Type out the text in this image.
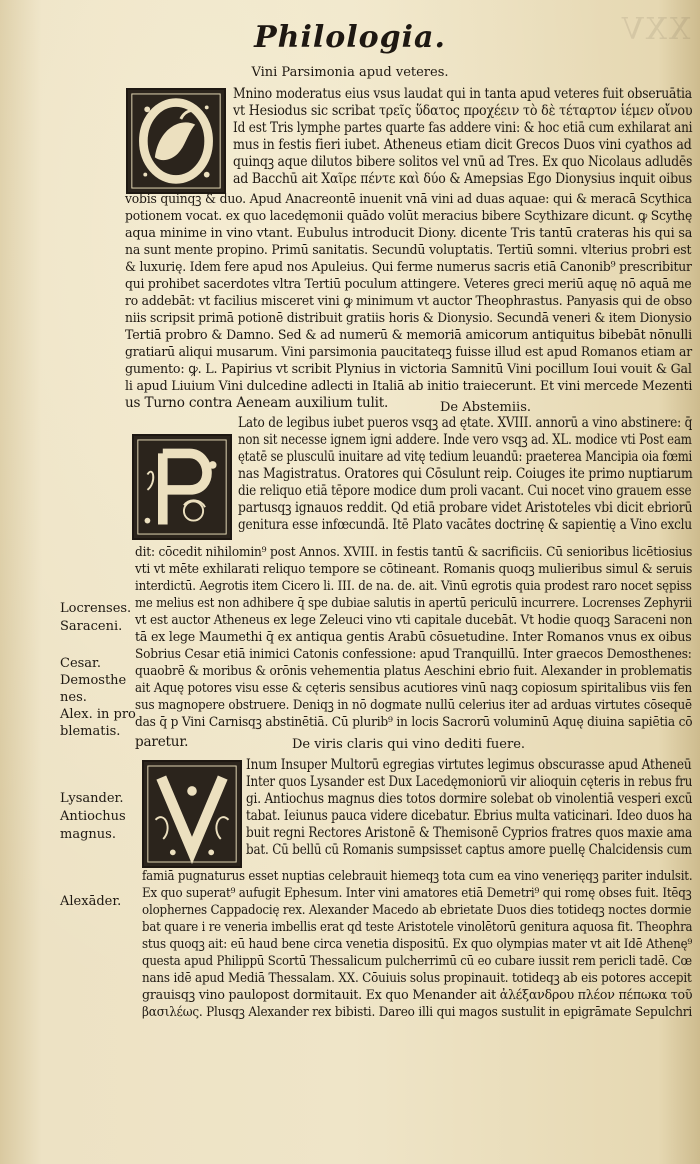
XXV
Philologia.
Vini Parsimonia apud veteres.
Mnino moderatus eius vsus laudat qui in tanta apud veteres fuit obseruātia
vt Hesiodus sic scribat τρεῖς ὕδατος προχέειν τὸ δὲ τέταρτον ἱέμεν οἴνου
Id est Tris lymphe partes quarte fas addere vini: & hoc etiā cum exhilarat ani
mus in festis fieri iubet. Atheneus etiam dicit Grecos Duos vini cyathos ad
quinqꝫ aque dilutos bibere solitos vel vnū ad Tres. Ex quo Nicolaus adludēs
ad Bacchū ait Χαῖρε πέντε καὶ δύο & Amepsias Ego Dionysius inquit oibus
vobis quinqꝫ & duo. Apud Anacreontē inuenit vnā vini ad duas aquae: qui & meracā Scythica
potionem vocat. ex quo lacedęmonii quādo volūt meracius bibere Scythizare dicunt. ꝙ Scythę
aqua minime in vino vtant. Eubulus introducit Diony. dicente Tris tantū crateras his qui sa
na sunt mente propino. Primū sanitatis. Secundū voluptatis. Tertiū somni. vlterius probri est
& luxurię. Idem fere apud nos Apuleius. Qui ferme numerus sacris etiā Canonib⁹ prescribitur
qui prohibet sacerdotes vltra Tertiū poculum attingere. Veteres greci meriū aquę nō aquā me
ro addebāt: vt facilius misceret vini ꝙ minimum vt auctor Theophrastus. Panyasis qui de obso
niis scripsit primā potionē distribuit gratiis horis & Dionysio. Secundā veneri & item Dionysio
Tertiā probro & Damno. Sed & ad numerū & memoriā amicorum antiquitus bibebāt nōnulli
gratiarū aliqui musarum. Vini parsimonia paucitateqꝫ fuisse illud est apud Romanos etiam ar
gumento: ꝙ. L. Papirius vt scribit Plynius in victoria Samnitū Vini pocillum Ioui vouit & Gal
li apud Liuium Vini dulcedine adlecti in Italiā ab initio traiecerunt. Et vini mercede Mezenti
us Turno contra Aeneam auxilium tulit.	De Abstemiis.
Lato de legibus iubet pueros vsqꝫ ad ętate. XVIII. annorū a vino abstinere: q̄
non sit necesse ignem igni addere. Inde vero vsqꝫ ad. XL. modice vti Post eam
ętatē se plusculū inuitare ad vitę tedium leuandū: praeterea Mancipia oia fœmi
nas Magistratus. Oratores qui Cōsulunt reip. Coiuges ite primo nuptiarum
die reliquo etiā tēpore modice dum proli vacant. Cui nocet vino grauem esse
partusqꝫ ignauos reddit. Qd etiā probare videt Aristoteles vbi dicit ebriorū
genitura esse infœcundā. Itē Plato vacātes doctrinę & sapientię a Vino exclu
dit: cōcedit nihilomin⁹ post Annos. XVIII. in festis tantū & sacrificiis. Cū senioribus licētiosius
vti vt mēte exhilarati reliquo tempore se cōtineant. Romanis quoqꝫ mulieribus simul & seruis
interdictū. Aegrotis item Cicero li. III. de na. de. ait. Vinū egrotis quia prodest raro nocet sępiss
me melius est non adhibere q̄ spe dubiae salutis in apertū periculū incurrere. Locrenses Zephyrii
vt est auctor Atheneus ex lege Zeleuci vino vti capitale ducebāt. Vt hodie quoqꝫ Saraceni non
tā ex lege Maumethi q̄ ex antiqua gentis Arabū cōsuetudine. Inter Romanos vnus ex oibus
Sobrius Cesar etiā inimici Catonis confessione: apud Tranquillū. Inter graecos Demosthenes:
quaobrē & moribus & orōnis vehementia platus Aeschini ebrio fuit. Alexander in problematis
ait Aquę potores visu esse & cęteris sensibus acutiores vinū naqꝫ copiosum spiritalibus viis fen
sus magnopere obstruere. Deniqꝫ in nō dogmate nullū celerius iter ad arduas virtutes cōsequē
das q̄ p Vini Carnisqꝫ abstinētiā. Cū plurib⁹ in locis Sacrorū voluminū Aquę diuina sapiētia cō
paretur.	De viris claris qui vino dediti fuere.
Inum Insuper Multorū egregias virtutes legimus obscurasse apud Atheneū
Inter quos Lysander est Dux Lacedęmoniorū vir alioquin cęteris in rebus fru
gi. Antiochus magnus dies totos dormire solebat ob vinolentiā vesperi excū
tabat. Ieiunus pauca videre dicebatur. Ebrius multa vaticinari. Ideo duos ha
buit regni Rectores Aristonē & Themisonē Cyprios fratres quos maxie ama
bat. Cū bellū cū Romanis sumpsisset captus amore puellę Chalcidensis cum
famiā pugnaturus esset nuptias celebrauit hiemeqꝫ tota cum ea vino venerięqꝫ pariter indulsit.
Ex quo superat⁹ aufugit Ephesum. Inter vini amatores etiā Demetri⁹ qui romę obses fuit. Itēqꝫ
olophernes Cappadocię rex. Alexander Macedo ab ebrietate Duos dies totideqꝫ noctes dormie
bat quare i re veneria imbellis erat qd teste Aristotele vinolētorū genitura aquosa fit. Theophra
stus quoqꝫ ait: eū haud bene circa venetia dispositū. Ex quo olympias mater vt ait Idē Athenę⁹
questa apud Philippū Scortū Thessalicum pulcherrimū cū eo cubare iussit rem pericli tadē. Cœ
nans idē apud Mediā Thessalam. XX. Cōuiuis solus propinauit. totideqꝫ ab eis potores accepit
grauisqꝫ vino paulopost dormitauit. Ex quo Menander ait ἀλέξανδρου πλέον πέπωκα τοῦ
βασιλέως. Plusqꝫ Alexander rex bibisti. Dareo illi qui magos sustulit in epigrāmate Sepulchri
Locrenses.
Saraceni.
Cesar.
Demosthe
nes.
Alex. in pro
blematis.
Lysander.
Antiochus
magnus.
Alexāder.
